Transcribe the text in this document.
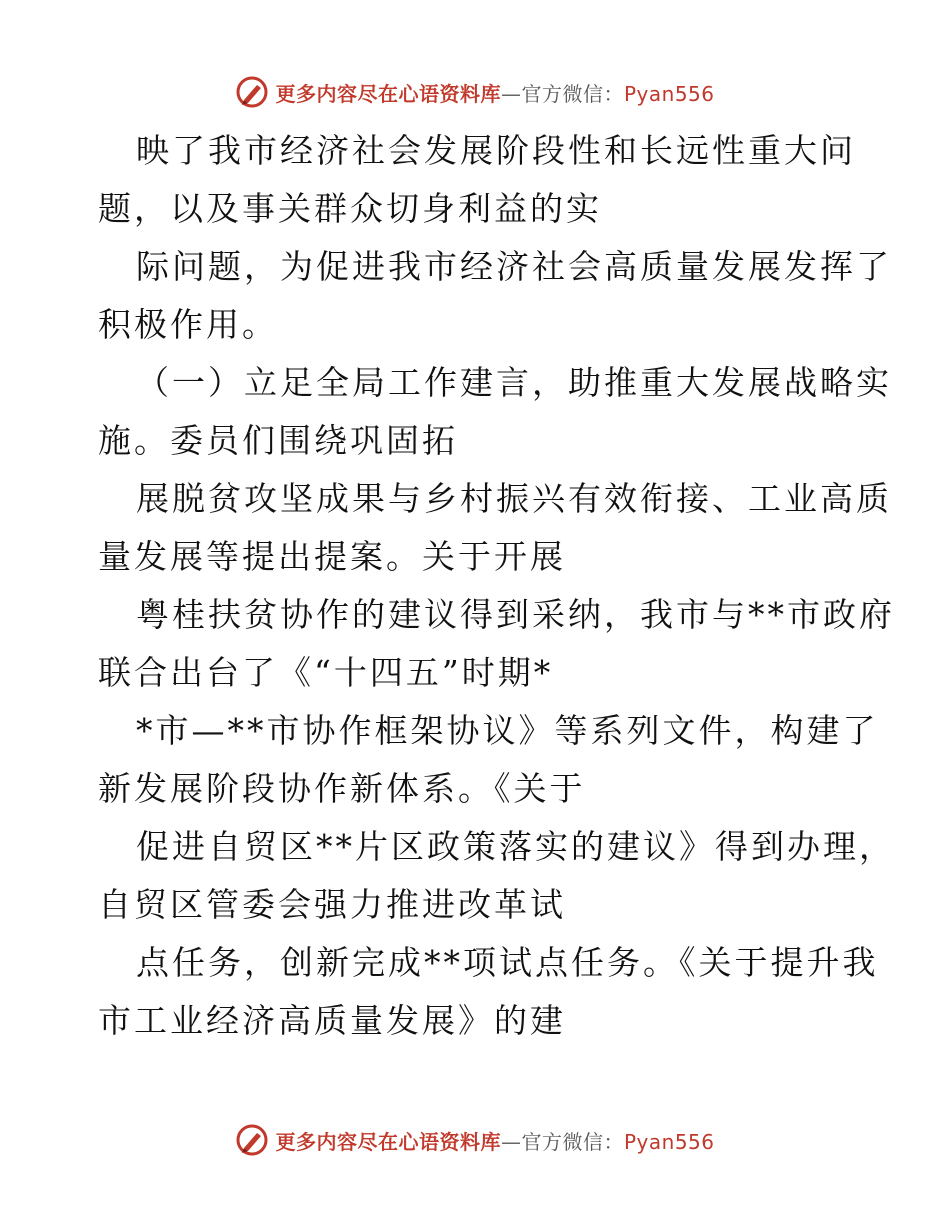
更多内容尽在心语资料库—官方微信：Pyan556
映了我市经济社会发展阶段性和长远性重大问
题，以及事关群众切身利益的实
际问题，为促进我市经济社会高质量发展发挥了
积极作用。
（一）立足全局工作建言，助推重大发展战略实
施。委员们围绕巩固拓
展脱贫攻坚成果与乡村振兴有效衔接、工业高质
量发展等提出提案。关于开展
粤桂扶贫协作的建议得到采纳，我市与**市政府
联合出台了《“十四五”时期*
*市—**市协作框架协议》等系列文件，构建了
新发展阶段协作新体系。《关于
促进自贸区**片区政策落实的建议》得到办理，
自贸区管委会强力推进改革试
点任务，创新完成**项试点任务。《关于提升我
市工业经济高质量发展》的建
更多内容尽在心语资料库—官方微信：Pyan556
